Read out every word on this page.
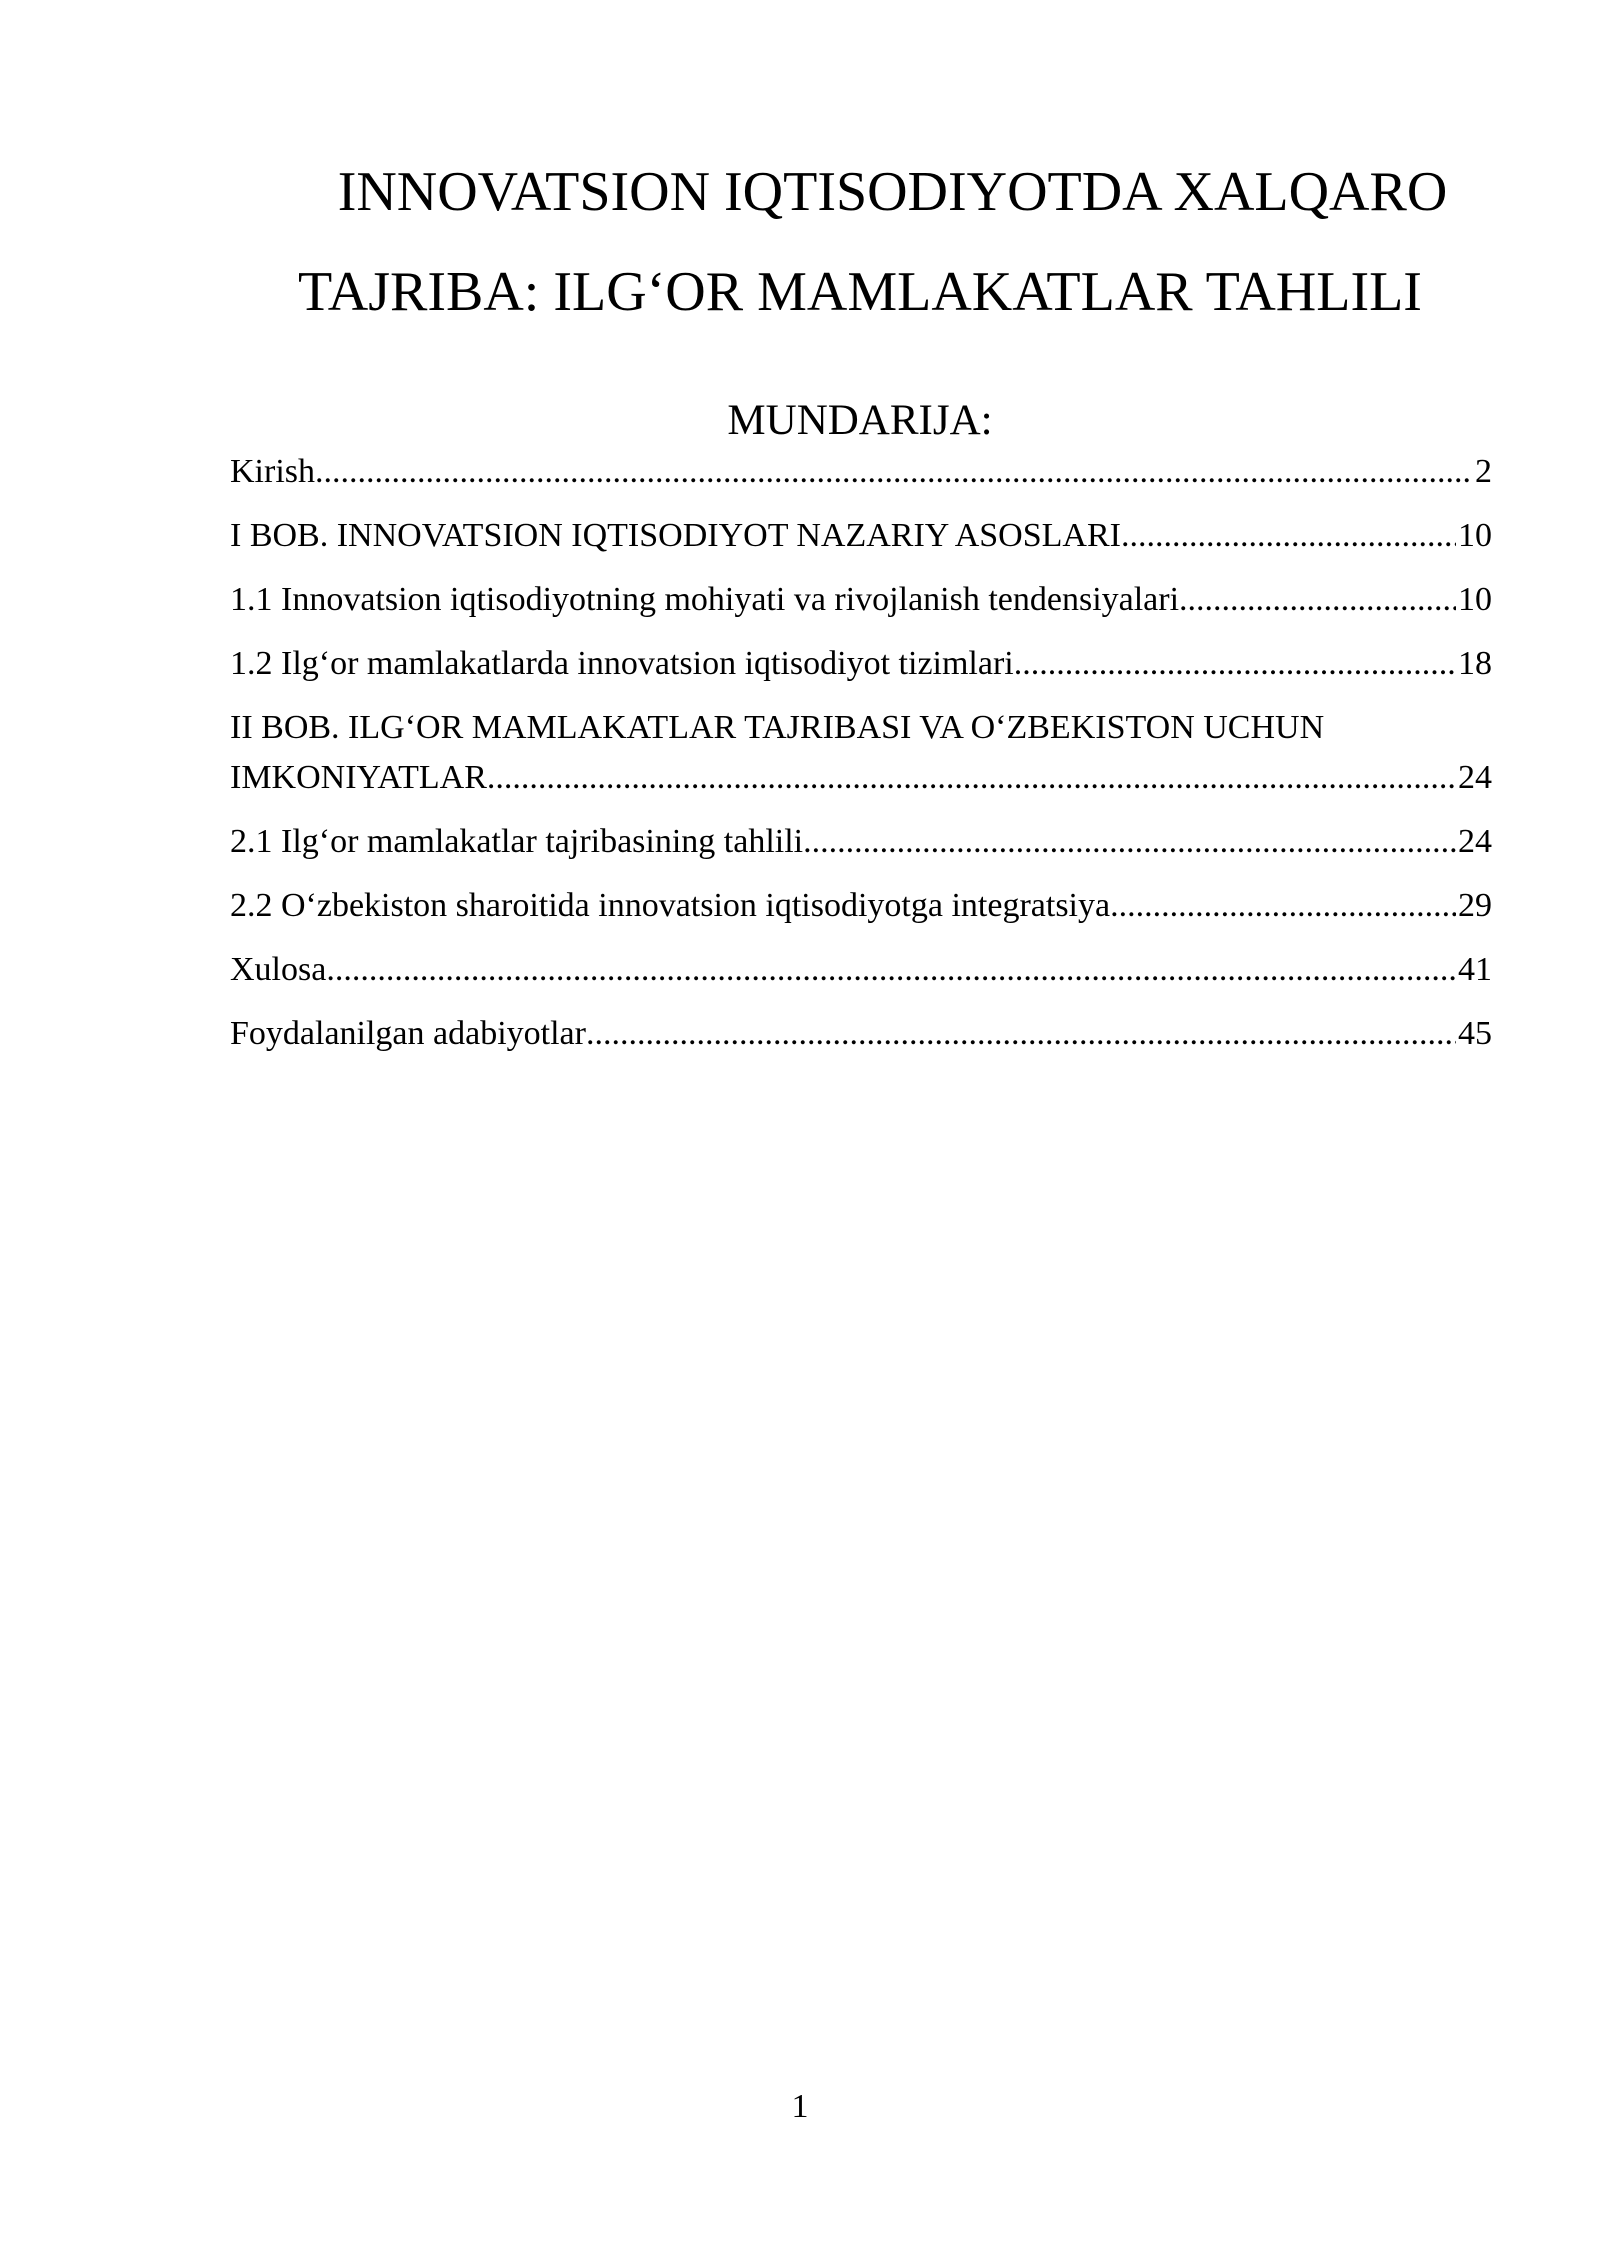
INNOVATSION IQTISODIYOTDA XALQARO
TAJRIBA: ILG‘OR MAMLAKATLAR TAHLILI
MUNDARIJA:
Kirish .....	2
I BOB. INNOVATSION IQTISODIYOT NAZARIY ASOSLARI .....	10
1.1 Innovatsion iqtisodiyotning mohiyati va rivojlanish tendensiyalari .....	10
1.2 Ilg‘or mamlakatlarda innovatsion iqtisodiyot tizimlari .....	18
II BOB. ILG‘OR MAMLAKATLAR TAJRIBASI VA O‘ZBEKISTON UCHUN
IMKONIYATLAR .....	24
2.1 Ilg‘or mamlakatlar tajribasining tahlili .....	24
2.2 O‘zbekiston sharoitida innovatsion iqtisodiyotga integratsiya .....	29
Xulosa .....	41
Foydalanilgan adabiyotlar .....	45
1
